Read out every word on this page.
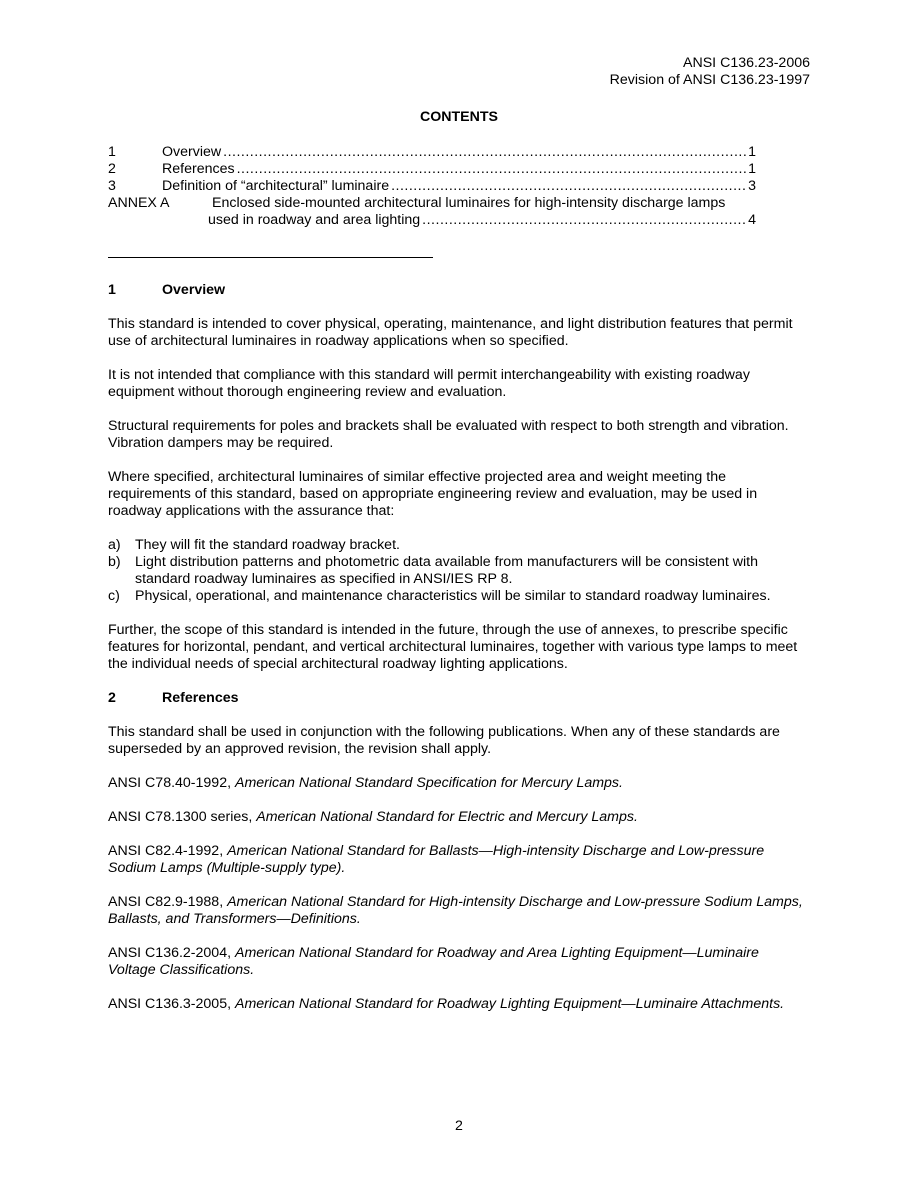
ANSI C136.23-2006
Revision of ANSI C136.23-1997
CONTENTS
1	Overview .....	1
2	References .....	1
3	Definition of “architectural” luminaire .....	3
ANNEX A	Enclosed side-mounted architectural luminaires for high-intensity discharge lamps
used in roadway and area lighting .....	4
1	Overview

This standard is intended to cover physical, operating, maintenance, and light distribution features that permit use of architectural luminaires in roadway applications when so specified.

It is not intended that compliance with this standard will permit interchangeability with existing roadway equipment without thorough engineering review and evaluation.

Structural requirements for poles and brackets shall be evaluated with respect to both strength and vibration. Vibration dampers may be required.

Where specified, architectural luminaires of similar effective projected area and weight meeting the requirements of this standard, based on appropriate engineering review and evaluation, may be used in roadway applications with the assurance that:

a)	They will fit the standard roadway bracket.
b)	Light distribution patterns and photometric data available from manufacturers will be consistent with standard roadway luminaires as specified in ANSI/IES RP 8.
c)	Physical, operational, and maintenance characteristics will be similar to standard roadway luminaires.

Further, the scope of this standard is intended in the future, through the use of annexes, to prescribe specific features for horizontal, pendant, and vertical architectural luminaires, together with various type lamps to meet the individual needs of special architectural roadway lighting applications.

2	References

This standard shall be used in conjunction with the following publications. When any of these standards are superseded by an approved revision, the revision shall apply.

ANSI C78.40-1992, American National Standard Specification for Mercury Lamps.

ANSI C78.1300 series, American National Standard for Electric and Mercury Lamps.

ANSI C82.4-1992, American National Standard for Ballasts—High-intensity Discharge and Low-pressure Sodium Lamps (Multiple-supply type).

ANSI C82.9-1988, American National Standard for High-intensity Discharge and Low-pressure Sodium Lamps, Ballasts, and Transformers—Definitions.

ANSI C136.2-2004, American National Standard for Roadway and Area Lighting Equipment—Luminaire Voltage Classifications.

ANSI C136.3-2005, American National Standard for Roadway Lighting Equipment—Luminaire Attachments.

2
